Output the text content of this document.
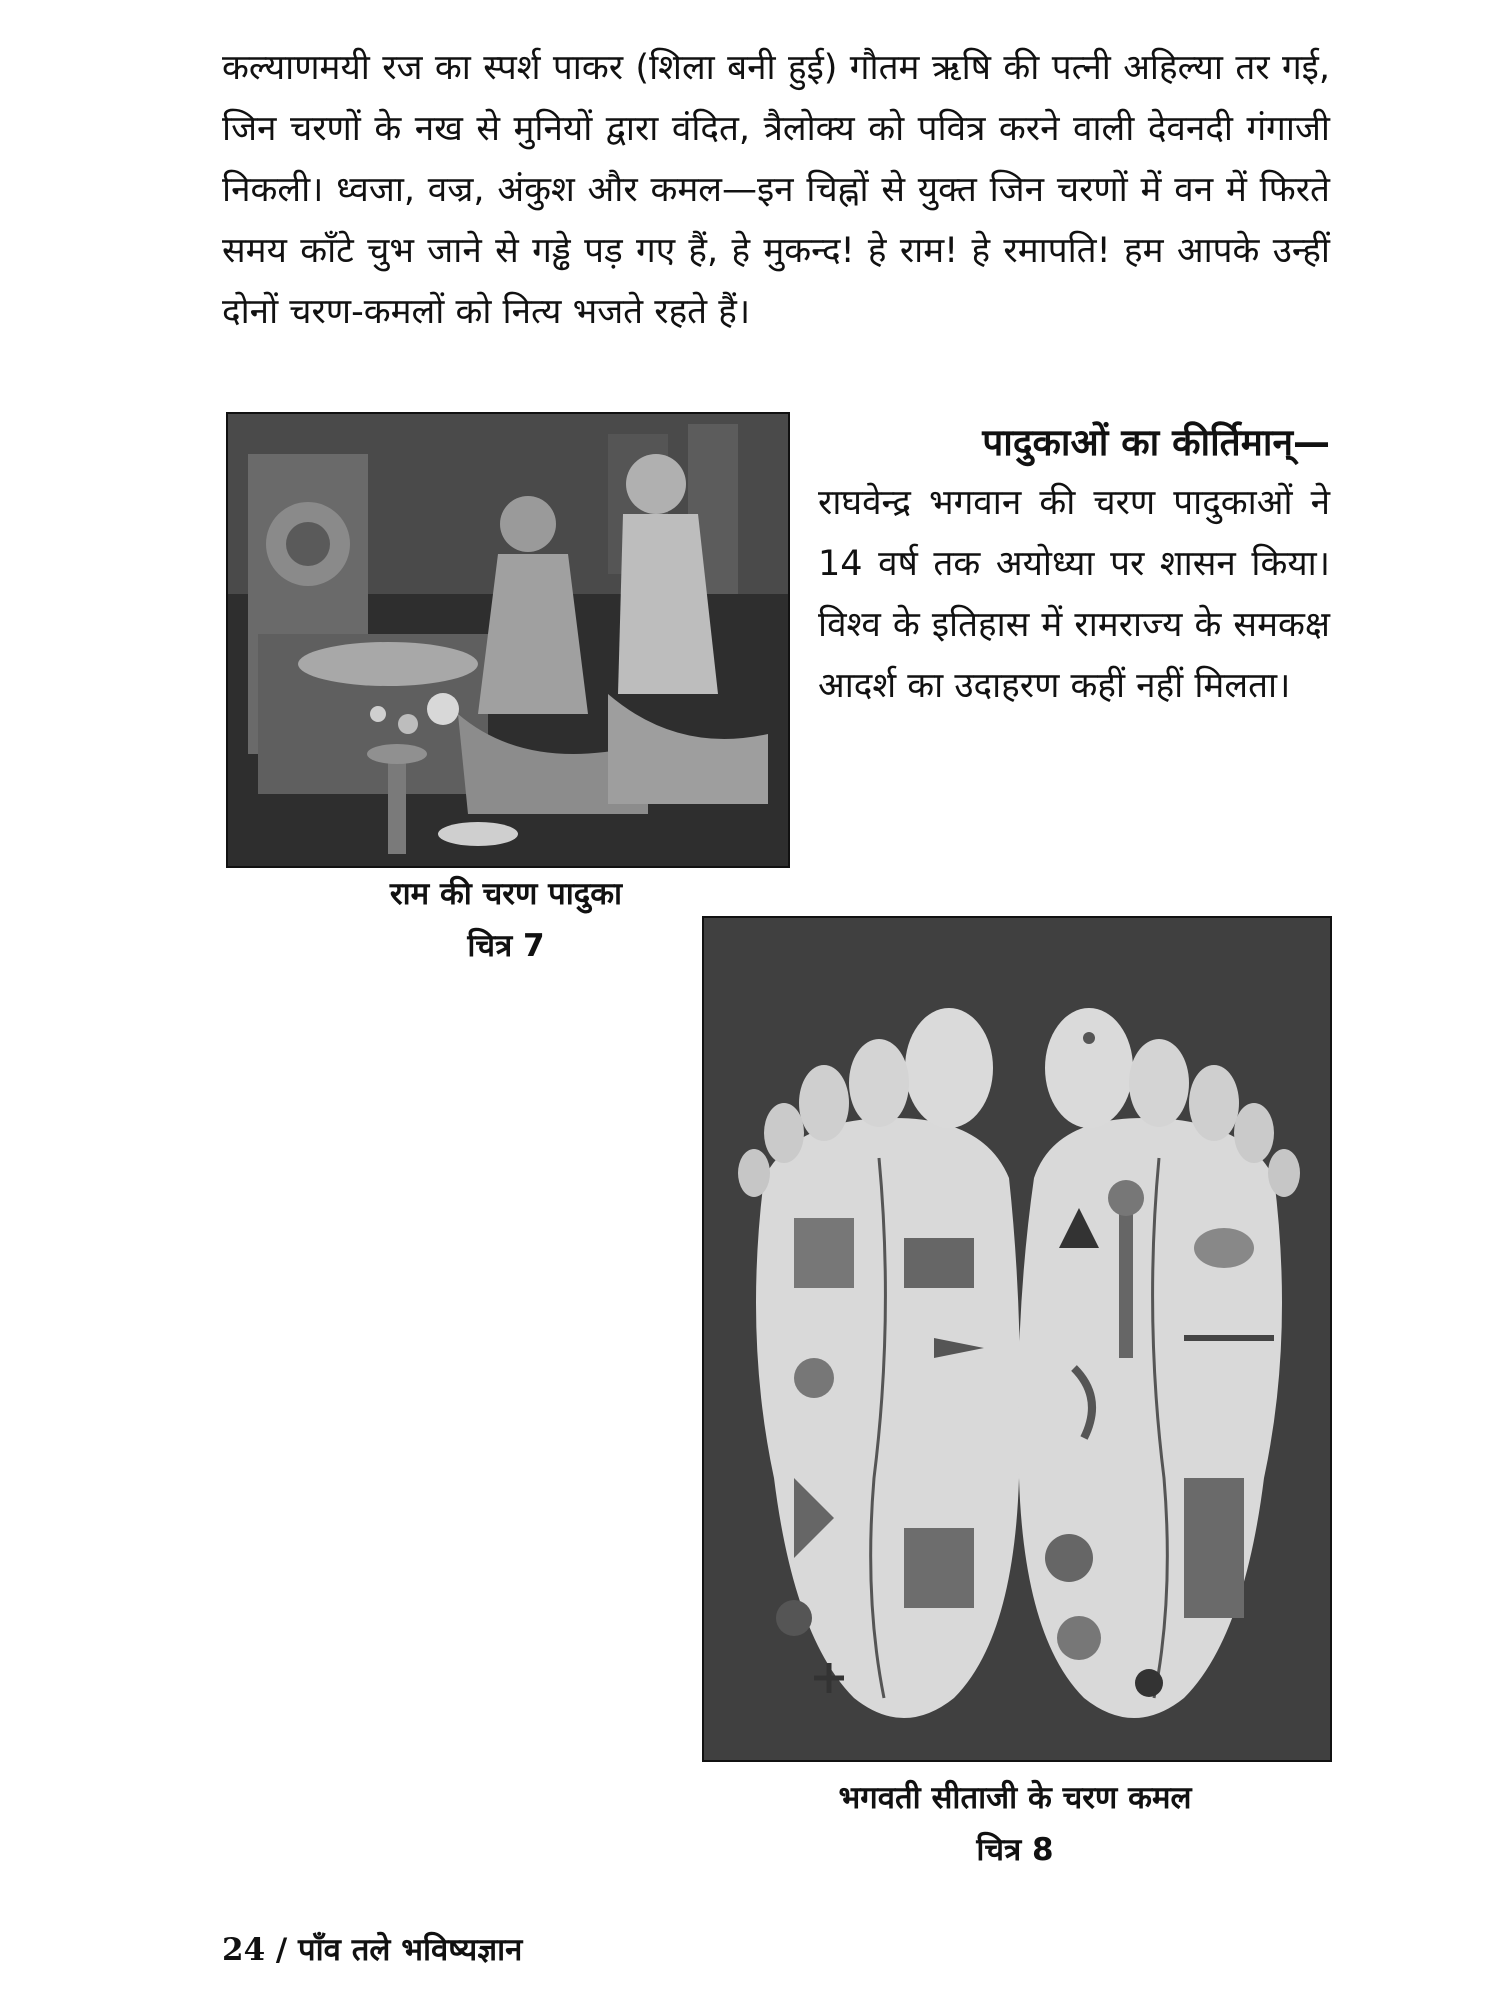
कल्याणमयी रज का स्पर्श पाकर (शिला बनी हुई) गौतम ऋषि की पत्नी अहिल्या तर गई, जिन चरणों के नख से मुनियों द्वारा वंदित, त्रैलोक्य को पवित्र करने वाली देवनदी गंगाजी निकली। ध्वजा, वज्र, अंकुश और कमल—इन चिह्नों से युक्त जिन चरणों में वन में फिरते समय काँटे चुभ जाने से गड्ढे पड़ गए हैं, हे मुकन्द! हे राम! हे रमापति! हम आपके उन्हीं दोनों चरण-कमलों को नित्य भजते रहते हैं।

पादुकाओं का कीर्तिमान्—
राघवेन्द्र भगवान की चरण पादुकाओं ने 14 वर्ष तक अयोध्या पर शासन किया। विश्व के इतिहास में रामराज्य के समकक्ष आदर्श का उदाहरण कहीं नहीं मिलता।
राम की चरण पादुका
चित्र 7
भगवती सीताजी के चरण कमल
चित्र 8
24 / पाँव तले भविष्यज्ञान
